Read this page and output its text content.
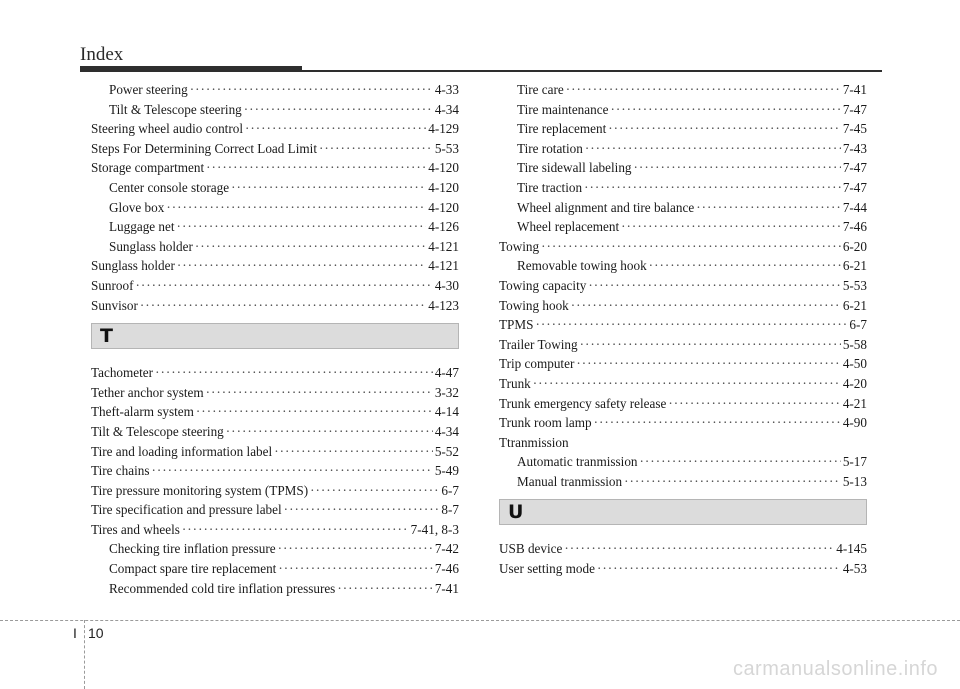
Index
Power steering ·····	4-33
Tilt & Telescope steering ·····	4-34
Steering wheel audio control ·····	4-129
Steps For Determining Correct Load Limit ·····	5-53
Storage compartment ·····	4-120
Center console storage ·····	4-120
Glove box ·····	4-120
Luggage net ·····	4-126
Sunglass holder ·····	4-121
Sunglass holder ·····	4-121
Sunroof ·····	4-30
Sunvisor ·····	4-123
T
Tachometer ·····	4-47
Tether anchor system ·····	3-32
Theft-alarm system ·····	4-14
Tilt & Telescope steering ·····	4-34
Tire and loading information label ·····	5-52
Tire chains ·····	5-49
Tire pressure monitoring system (TPMS) ·····	6-7
Tire specification and pressure label ·····	8-7
Tires and wheels ·····	7-41, 8-3
Checking tire inflation pressure ·····	7-42
Compact spare tire replacement ·····	7-46
Recommended cold tire inflation pressures ·····	7-41
Tire care ·····	7-41
Tire maintenance ·····	7-47
Tire replacement ·····	7-45
Tire rotation ·····	7-43
Tire sidewall labeling ·····	7-47
Tire traction ·····	7-47
Wheel alignment and tire balance ·····	7-44
Wheel replacement ·····	7-46
Towing ·····	6-20
Removable towing hook ·····	6-21
Towing capacity ·····	5-53
Towing hook ·····	6-21
TPMS ·····	6-7
Trailer Towing ·····	5-58
Trip computer ·····	4-50
Trunk ·····	4-20
Trunk emergency safety release ·····	4-21
Trunk room lamp ·····	4-90
Ttranmission
Automatic tranmission ·····	5-17
Manual tranmission ·····	5-13
U
USB device ·····	4-145
User setting mode ·····	4-53
I 10
carmanualsonline.info
